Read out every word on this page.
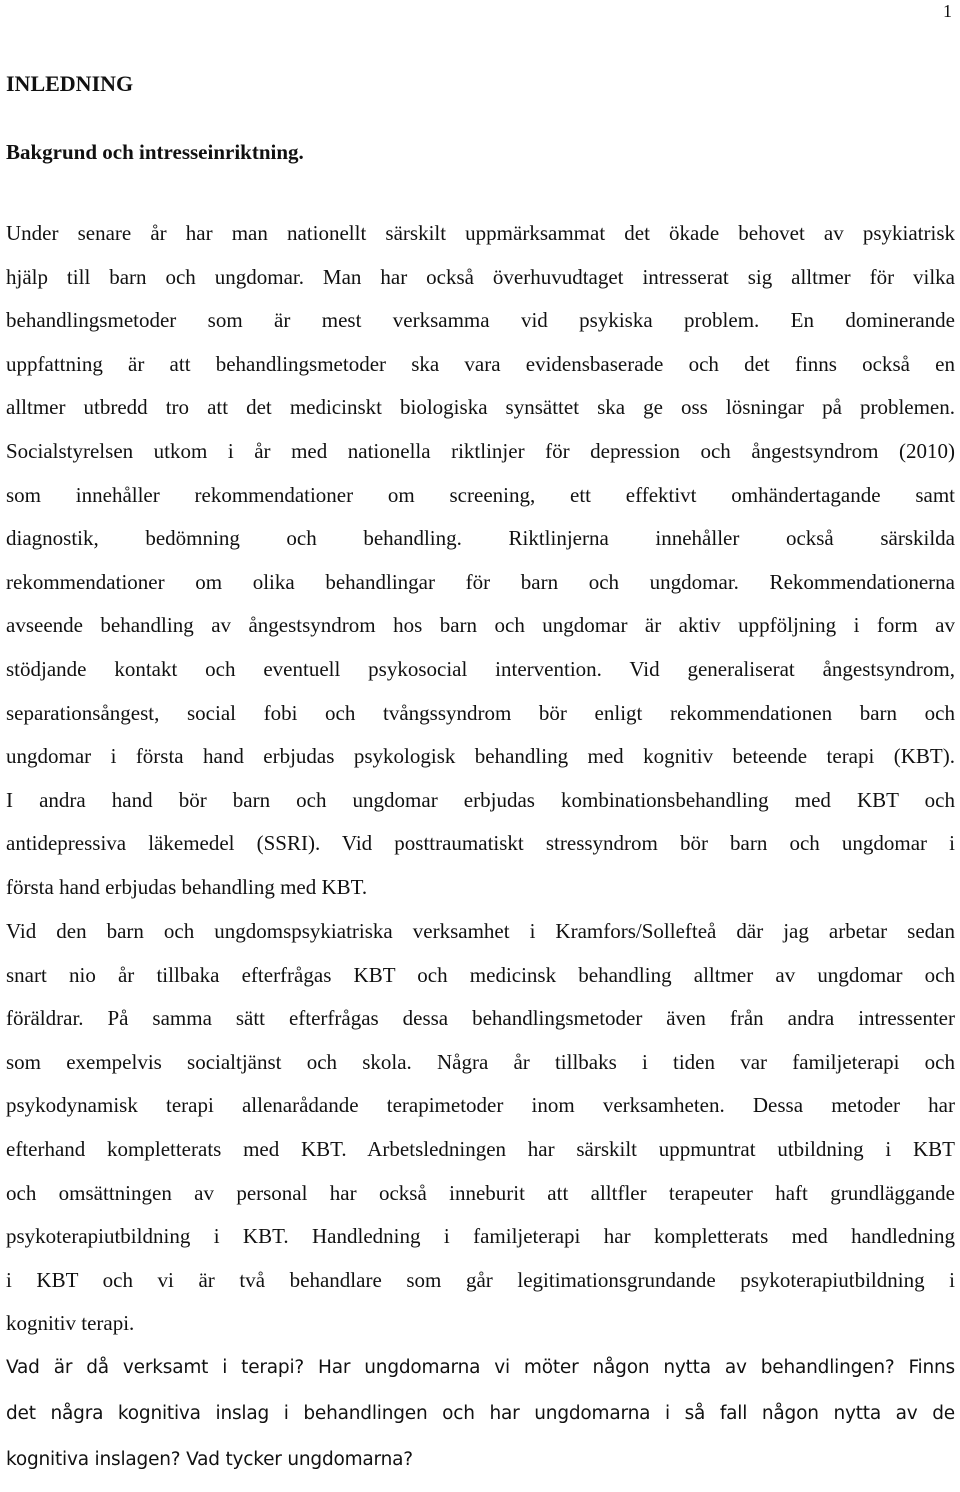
1
INLEDNING
Bakgrund och intresseinriktning.
Under senare år har man nationellt särskilt uppmärksammat det ökade behovet av psykiatrisk
hjälp till barn och ungdomar. Man har också överhuvudtaget intresserat sig alltmer för vilka
behandlingsmetoder som är mest verksamma vid psykiska problem. En dominerande
uppfattning är att behandlingsmetoder ska vara evidensbaserade och det finns också en
alltmer utbredd tro att det medicinskt biologiska synsättet ska ge oss lösningar på problemen.
Socialstyrelsen utkom i år med nationella riktlinjer för depression och ångestsyndrom (2010)
som innehåller rekommendationer om screening, ett effektivt omhändertagande samt
diagnostik, bedömning och behandling. Riktlinjerna innehåller också särskilda
rekommendationer om olika behandlingar för barn och ungdomar. Rekommendationerna
avseende behandling av ångestsyndrom hos barn och ungdomar är aktiv uppföljning i form av
stödjande kontakt och eventuell psykosocial intervention. Vid generaliserat ångestsyndrom,
separationsångest, social fobi och tvångssyndrom bör enligt rekommendationen barn och
ungdomar i första hand erbjudas psykologisk behandling med kognitiv beteende terapi (KBT).
I andra hand bör barn och ungdomar erbjudas kombinationsbehandling med KBT och
antidepressiva läkemedel (SSRI). Vid posttraumatiskt stressyndrom bör barn och ungdomar i
första hand erbjudas behandling med KBT.
Vid den barn och ungdomspsykiatriska verksamhet i Kramfors/Sollefteå där jag arbetar sedan
snart nio år tillbaka efterfrågas KBT och medicinsk behandling alltmer av ungdomar och
föräldrar. På samma sätt efterfrågas dessa behandlingsmetoder även från andra intressenter
som exempelvis socialtjänst och skola. Några år tillbaks i tiden var familjeterapi och
psykodynamisk terapi allenarådande terapimetoder inom verksamheten. Dessa metoder har
efterhand kompletterats med KBT. Arbetsledningen har särskilt uppmuntrat utbildning i KBT
och omsättningen av personal har också inneburit att alltfler terapeuter haft grundläggande
psykoterapiutbildning i KBT. Handledning i familjeterapi har kompletterats med handledning
i KBT och vi är två behandlare som går legitimationsgrundande psykoterapiutbildning i
kognitiv terapi.
Vad är då verksamt i terapi? Har ungdomarna vi möter någon nytta av behandlingen? Finns
det några kognitiva inslag i behandlingen och har ungdomarna i så fall någon nytta av de
kognitiva inslagen? Vad tycker ungdomarna?
